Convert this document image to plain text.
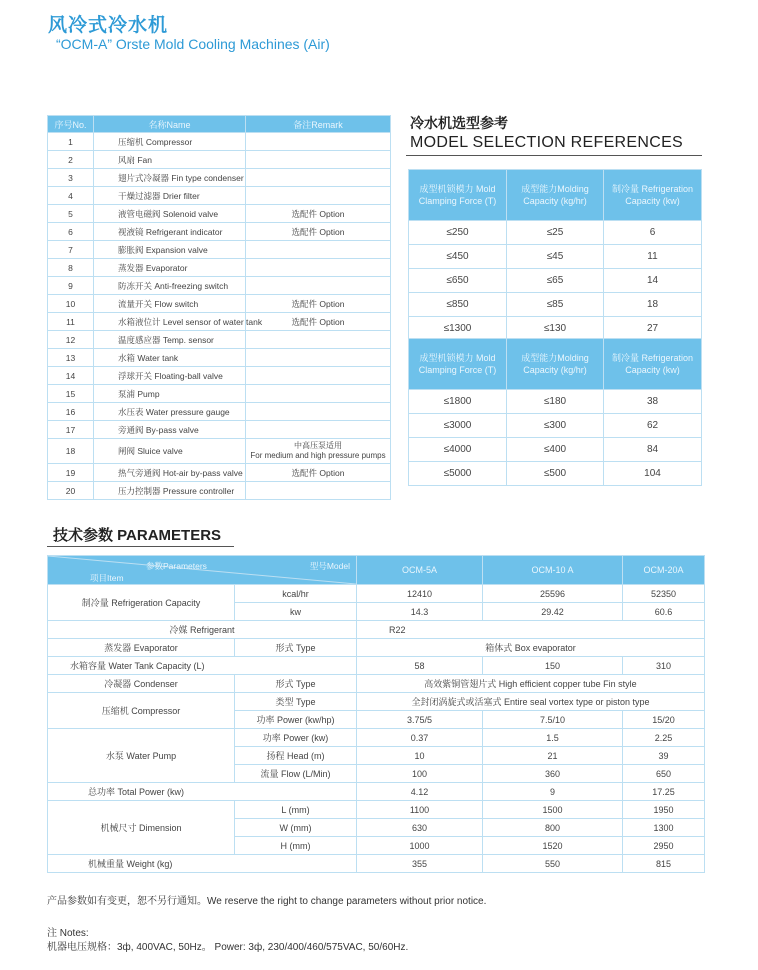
风冷式冷水机
“OCM-A” Orste Mold Cooling Machines (Air)
序号No.	名称Name	备注Remark
1	压缩机 Compressor	
2	风扇 Fan	
3	翅片式冷凝器 Fin type condenser	
4	干燥过滤器 Drier filter	
5	液管电磁阀 Solenoid valve	选配件 Option
6	视液镜 Refrigerant indicator	选配件 Option
7	膨胀阀 Expansion valve	
8	蒸发器 Evaporator	
9	防冻开关 Anti-freezing switch	
10	流量开关 Flow switch	选配件 Option
11	水箱液位计 Level sensor of water tank	选配件 Option
12	温度感应器 Temp. sensor	
13	水箱 Water tank	
14	浮球开关 Floating-ball valve	
15	泵浦 Pump	
16	水压表 Water pressure gauge	
17	旁通阀 By-pass valve	
18	闸阀 Sluice valve	中高压泵适用
For medium and high pressure pumps

19	热气旁通阀 Hot-air by-pass valve	选配件 Option
20	压力控制器 Pressure controller	
冷水机选型参考
MODEL SELECTION REFERENCES
成型机锁模力 Mold Clamping Force (T)	成型能力Molding Capacity (kg/hr)	制冷量 Refrigeration Capacity (kw)
≤250	≤25	6
≤450	≤45	11
≤650	≤65	14
≤850	≤85	18
≤1300	≤130	27
成型机锁模力 Mold Clamping Force (T)	成型能力Molding Capacity (kg/hr)	制冷量 Refrigeration Capacity (kw)
≤1800	≤180	38
≤3000	≤300	62
≤4000	≤400	84
≤5000	≤500	104
技术参数 PARAMETERS
参数Parameters 型号Model
项目Item		OCM-5A	OCM-10 A	OCM-20A
制冷量 Refrigeration Capacity	kcal/hr	12410	25596	52350
	kw	14.3	29.42	60.6
冷媒 Refrigerant		R22		
蒸发器 Evaporator	形式 Type	箱体式 Box evaporator		
水箱容量 Water Tank Capacity (L)		58	150	310
冷凝器 Condenser	形式 Type	高效紫铜管翅片式 High efficient copper tube Fin style		
压缩机 Compressor	类型 Type	全封闭涡旋式或活塞式 Entire seal vortex type or piston type		
	功率 Power (kw/hp)	3.75/5	7.5/10	15/20
水泵 Water Pump	功率 Power (kw)	0.37	1.5	2.25
	扬程 Head (m)	10	21	39
	流量 Flow (L/Min)	100	360	650
总功率 Total Power (kw)		4.12	9	17.25
机械尺寸 Dimension	L (mm)	1100	1500	1950
	W (mm)	630	800	1300
	H (mm)	1000	1520	2950
机械重量 Weight (kg)		355	550	815
产品参数如有变更，恕不另行通知。We reserve the right to change parameters without prior notice.
注 Notes:
机器电压规格：3ф, 400VAC, 50Hz。 Power: 3ф, 230/400/460/575VAC, 50/60Hz.
